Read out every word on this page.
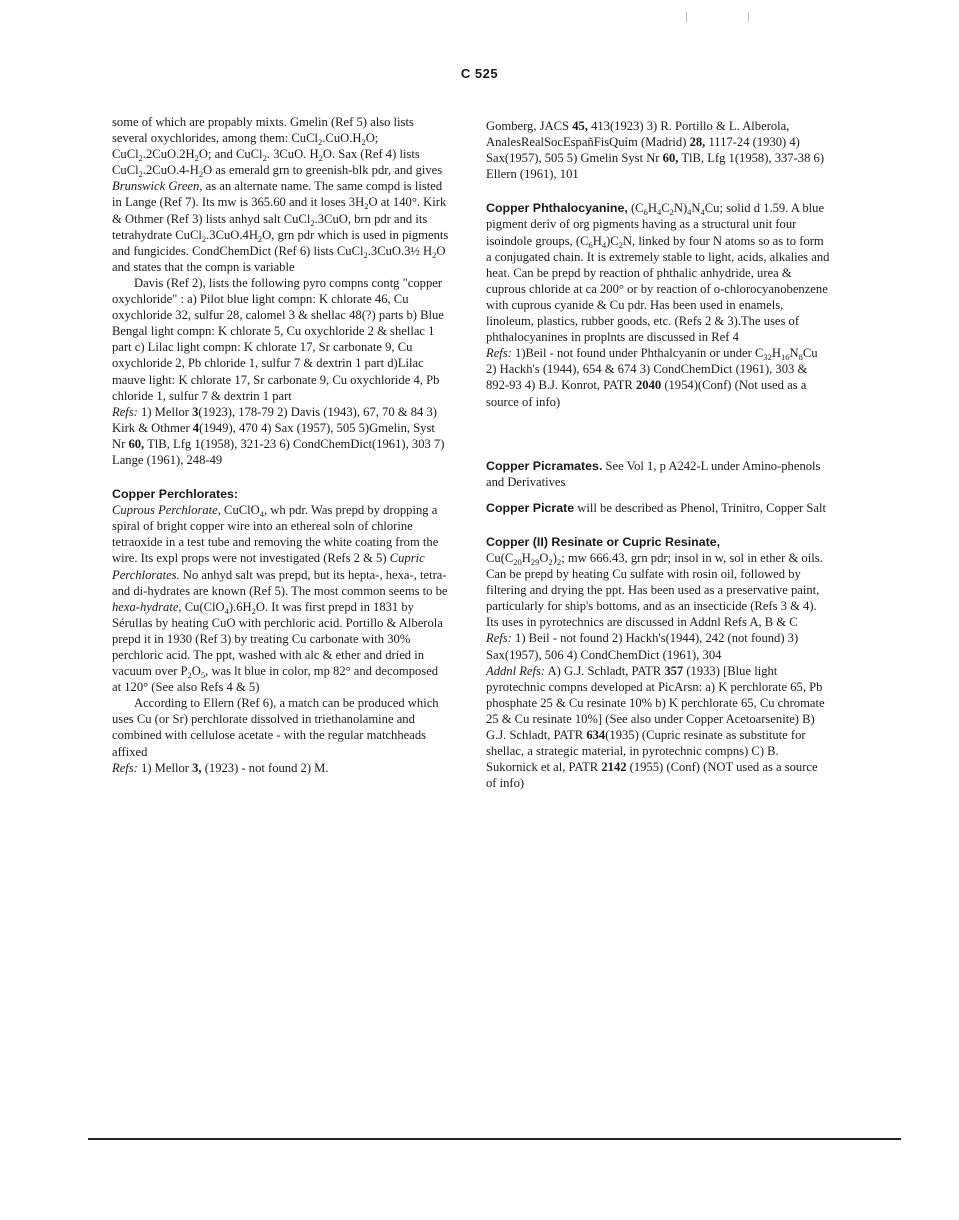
C 525

some of which are propably mixts. Gmelin (Ref 5) also lists several oxychlorides, among them: $CuCl_2.CuO.H_2O$; $CuCl_2.2CuO.2H_2O$; and CuCl$_2$. 3CuO. $H_2O$. Sax (Ref 4) lists $CuCl_2.2CuO.4-H_2O$ as emerald grn to greenish-blk pdr, and gives Brunswick Green, as an alternate name. The same compd is listed in Lange (Ref 7). Its mw is 365.60 and it loses $3H_2O$ at 140°. Kirk & Othmer (Ref 3) lists anhyd salt CuCl$_2$.3CuO, brn pdr and its tetrahydrate $CuCl_2.3CuO.4H_2O$, grn pdr which is used in pigments and fungicides. CondChemDict (Ref 6) lists CuCl$_2$.3CuO.3½ $H_2O$ and states that the compn is variable

Davis (Ref 2), lists the following pyro compns contg "copper oxychloride" : a) Pilot blue light compn: K chlorate 46, Cu oxychloride 32, sulfur 28, calomel 3 & shellac 48(?) parts b) Blue Bengal light compn: K chlorate 5, Cu oxychloride 2 & shellac 1 part c) Lilac light compn: K chlorate 17, Sr carbonate 9, Cu oxychloride 2, Pb chloride 1, sulfur 7 & dextrin 1 part d)Lilac mauve light: K chlorate 17, Sr carbonate 9, Cu oxychloride 4, Pb chloride 1, sulfur 7 & dextrin 1 part

Refs: 1) Mellor 3(1923), 178-79 2) Davis (1943), 67, 70 & 84 3) Kirk & Othmer 4(1949), 470 4) Sax (1957), 505 5)Gmelin, Syst Nr 60, TlB, Lfg 1(1958), 321-23 6) CondChemDict(1961), 303 7) Lange (1961), 248-49

Copper Perchlorates:

Cuprous Perchlorate, CuClO$_4$, wh pdr. Was prepd by dropping a spiral of bright copper wire into an ethereal soln of chlorine tetraoxide in a test tube and removing the white coating from the wire. Its expl props were not investigated (Refs 2 & 5) Cupric Perchlorates. No anhyd salt was prepd, but its hepta-, hexa-, tetra- and di-hydrates are known (Ref 5). The most common seems to be hexa-hydrate, $Cu(ClO_4).6H_2O$. It was first prepd in 1831 by Sérullas by heating CuO with perchloric acid. Portillo & Alberola prepd it in 1930 (Ref 3) by treating Cu carbonate with 30% perchloric acid. The ppt, washed with alc & ether and dried in vacuum over $P_2O_5$, was lt blue in color, mp 82° and decomposed at 120° (See also Refs 4 & 5)

According to Ellern (Ref 6), a match can be produced which uses Cu (or Sr) perchlorate dissolved in triethanolamine and combined with cellulose acetate - with the regular matchheads affixed

Refs: 1) Mellor 3, (1923) - not found 2) M.

Gomberg, JACS 45, 413(1923) 3) R. Portillo & L. Alberola, AnalesRealSocEspañFisQuím (Madrid) 28, 1117-24 (1930) 4) Sax(1957), 505 5) Gmelin Syst Nr 60, TlB, Lfg 1(1958), 337-38 6) Ellern (1961), 101

Copper Phthalocyanine, $(C_6H_4C_2N)_4N_4Cu$; solid d 1.59. A blue pigment deriv of org pigments having as a structural unit four isoindole groups, $(C_6H_4)C_2N$, linked by four N atoms so as to form a conjugated chain. It is extremely stable to light, acids, alkalies and heat. Can be prepd by reaction of phthalic anhydride, urea & cuprous chloride at ca 200° or by reaction of o-chlorocyanobenzene with cuprous cyanide & Cu pdr. Has been used in enamels, linoleum, plastics, rubber goods, etc. (Refs 2 & 3).The uses of phthalocyanines in proplnts are discussed in Ref 4

Refs: 1)Beil - not found under Phthalcyanin or under $C_{32}H_{16}N_8Cu$ 2) Hackh's (1944), 654 & 674 3) CondChemDict (1961), 303 & 892-93 4) B.J. Konrot, PATR 2040 (1954)(Conf) (Not used as a source of info)

Copper Picramates. See Vol 1, p A242-L under Amino-phenols and Derivatives

Copper Picrate will be described as Phenol, Trinitro, Copper Salt

Copper (II) Resinate or Cupric Resinate,

$Cu(C_{20}H_{29}O_2)_2$; mw 666.43, grn pdr; insol in w, sol in ether & oils. Can be prepd by heating Cu sulfate with rosin oil, followed by filtering and drying the ppt. Has been used as a preservative paint, particularly for ship's bottoms, and as an insecticide (Refs 3 & 4). Its uses in pyrotechnics are discussed in Addnl Refs A, B & C

Refs: 1) Beil - not found 2) Hackh's(1944), 242 (not found) 3) Sax(1957), 506 4) CondChemDict (1961), 304

Addnl Refs: A) G.J. Schladt, PATR 357 (1933) [Blue light pyrotechnic compns developed at PicArsn: a) K perchlorate 65, Pb phosphate 25 & Cu resinate 10% b) K perchlorate 65, Cu chromate 25 & Cu resinate 10%] (See also under Copper Acetoarsenite) B) G.J. Schladt, PATR 634(1935) (Cupric resinate as substitute for shellac, a strategic material, in pyrotechnic compns) C) B. Sukornick et al, PATR 2142 (1955) (Conf) (NOT used as a source of info)
